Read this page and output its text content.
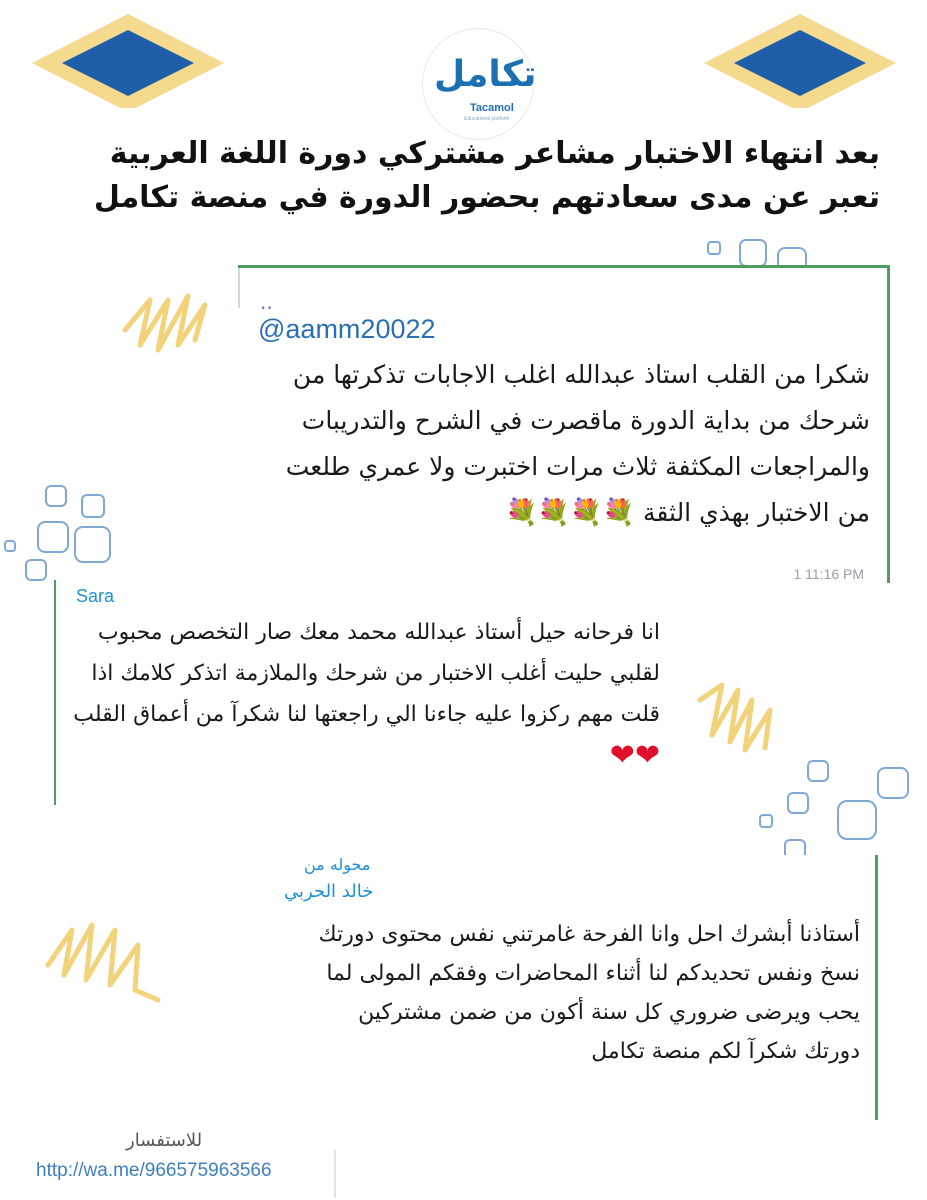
تكامل
Tacamol
Educational platform
بعد انتهاء الاختبار مشاعر مشتركي دورة اللغة العربية
تعبر عن مدى سعادتهم بحضور الدورة في منصة تكامل
..
شكرا من القلب استاذ عبدالله اغلب الاجابات تذكرتها من شرحك من بداية الدورة ماقصرت في الشرح والتدريبات والمراجعات المكثفة ثلاث مرات اختبرت ولا عمري طلعت من الاختبار بهذي الثقة 💐💐💐💐
1 11:16 PM
@aamm20022
Sara
انا فرحانه حيل أستاذ عبدالله محمد معك صار التخصص محبوب لقلبي حليت أغلب الاختبار من شرحك والملازمة اتذكر كلامك اذا قلت مهم ركزوا عليه جاءنا الي راجعتها لنا شكرآ من أعماق القلب ❤❤
محوله من
خالد الحربي
أستاذنا أبشرك احل وانا الفرحة غامرتني نفس محتوى دورتك نسخ ونفس تحديدكم لنا أثناء المحاضرات وفقكم المولى لما يحب ويرضى ضروري كل سنة أكون من ضمن مشتركين دورتك شكرآ لكم منصة تكامل
للاستفسار
http://wa.me/966575963566
